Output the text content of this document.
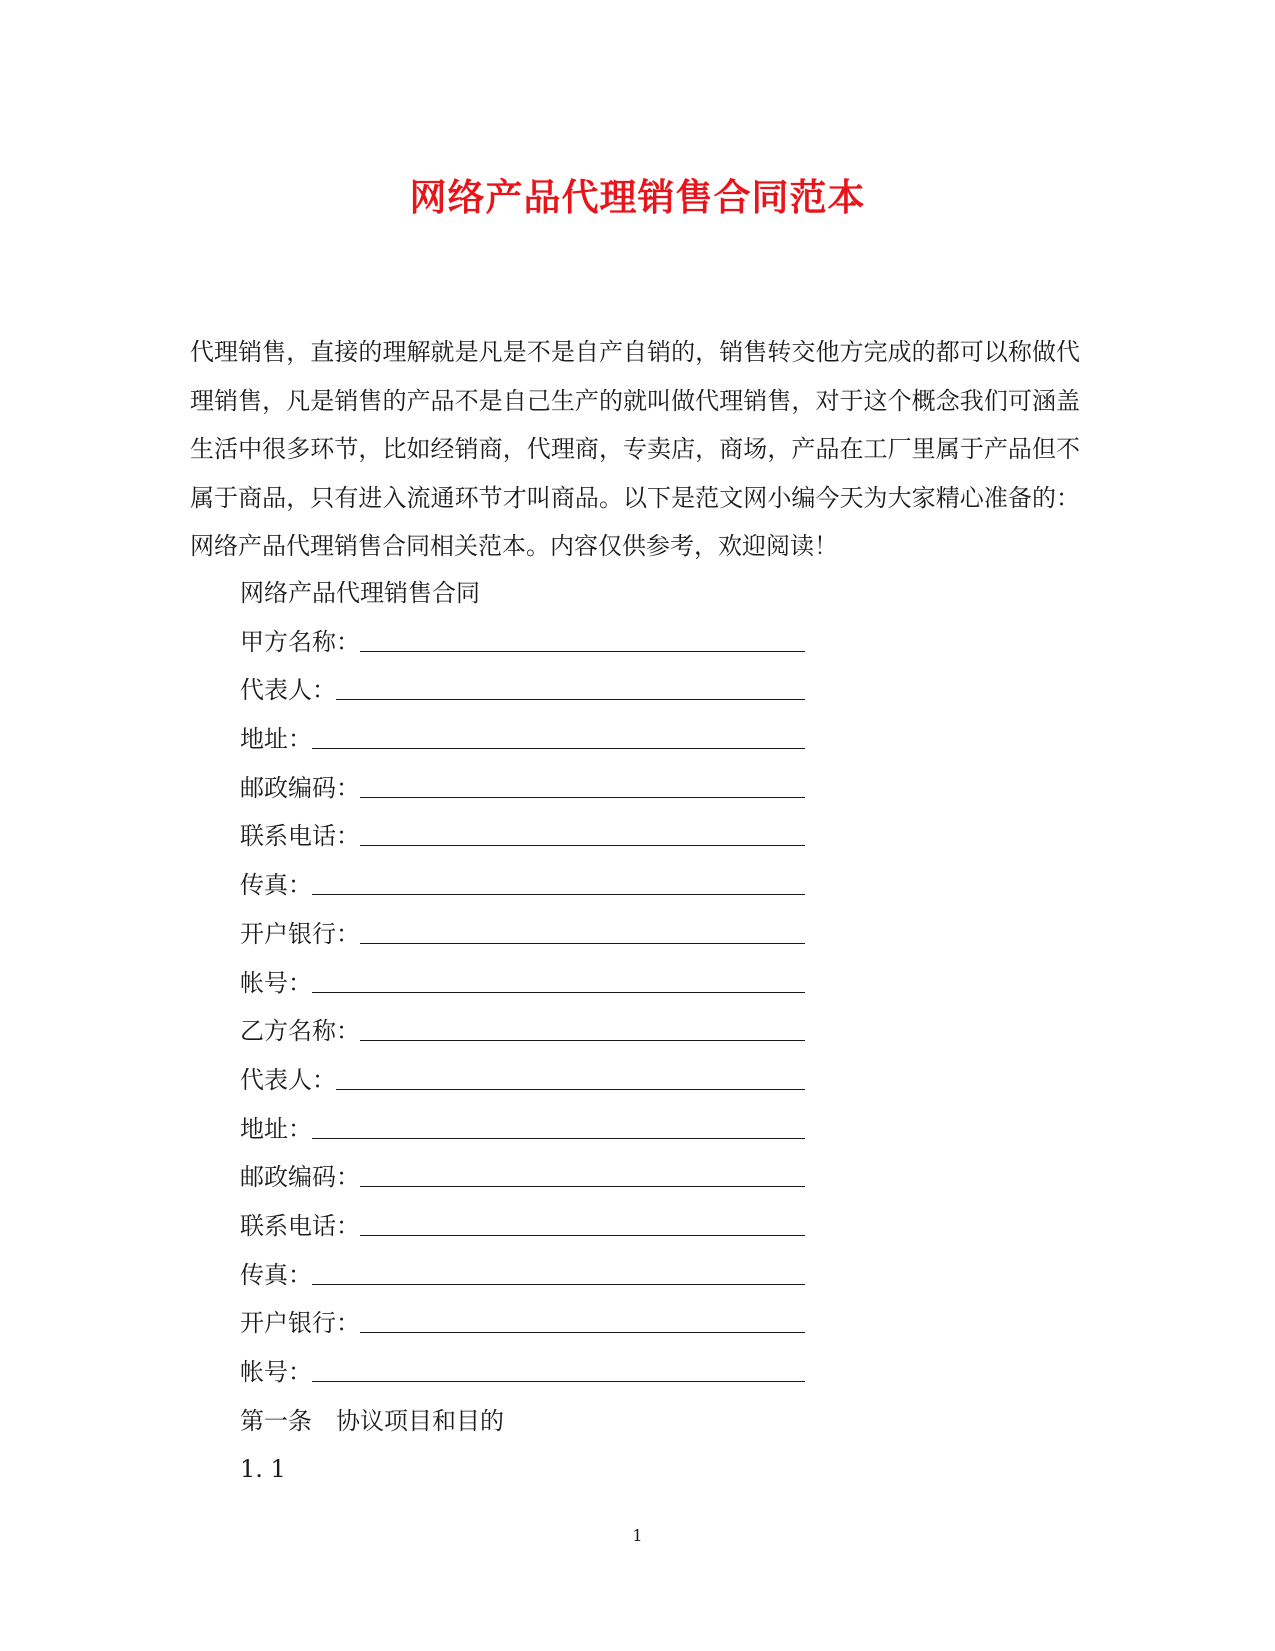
网络产品代理销售合同范本

代理销售，直接的理解就是凡是不是自产自销的，销售转交他方完成的都可以称做代理销售，凡是销售的产品不是自己生产的就叫做代理销售，对于这个概念我们可涵盖生活中很多环节，比如经销商，代理商，专卖店，商场，产品在工厂里属于产品但不属于商品，只有进入流通环节才叫商品。以下是范文网小编今天为大家精心准备的：网络产品代理销售合同相关范本。内容仅供参考，欢迎阅读！

网络产品代理销售合同
甲方名称：
代表人：
地址：
邮政编码：
联系电话：
传真：
开户银行：
帐号：
乙方名称：
代表人：
地址：
邮政编码：
联系电话：
传真：
开户银行：
帐号：
第一条　协议项目和目的
1. 1
1
